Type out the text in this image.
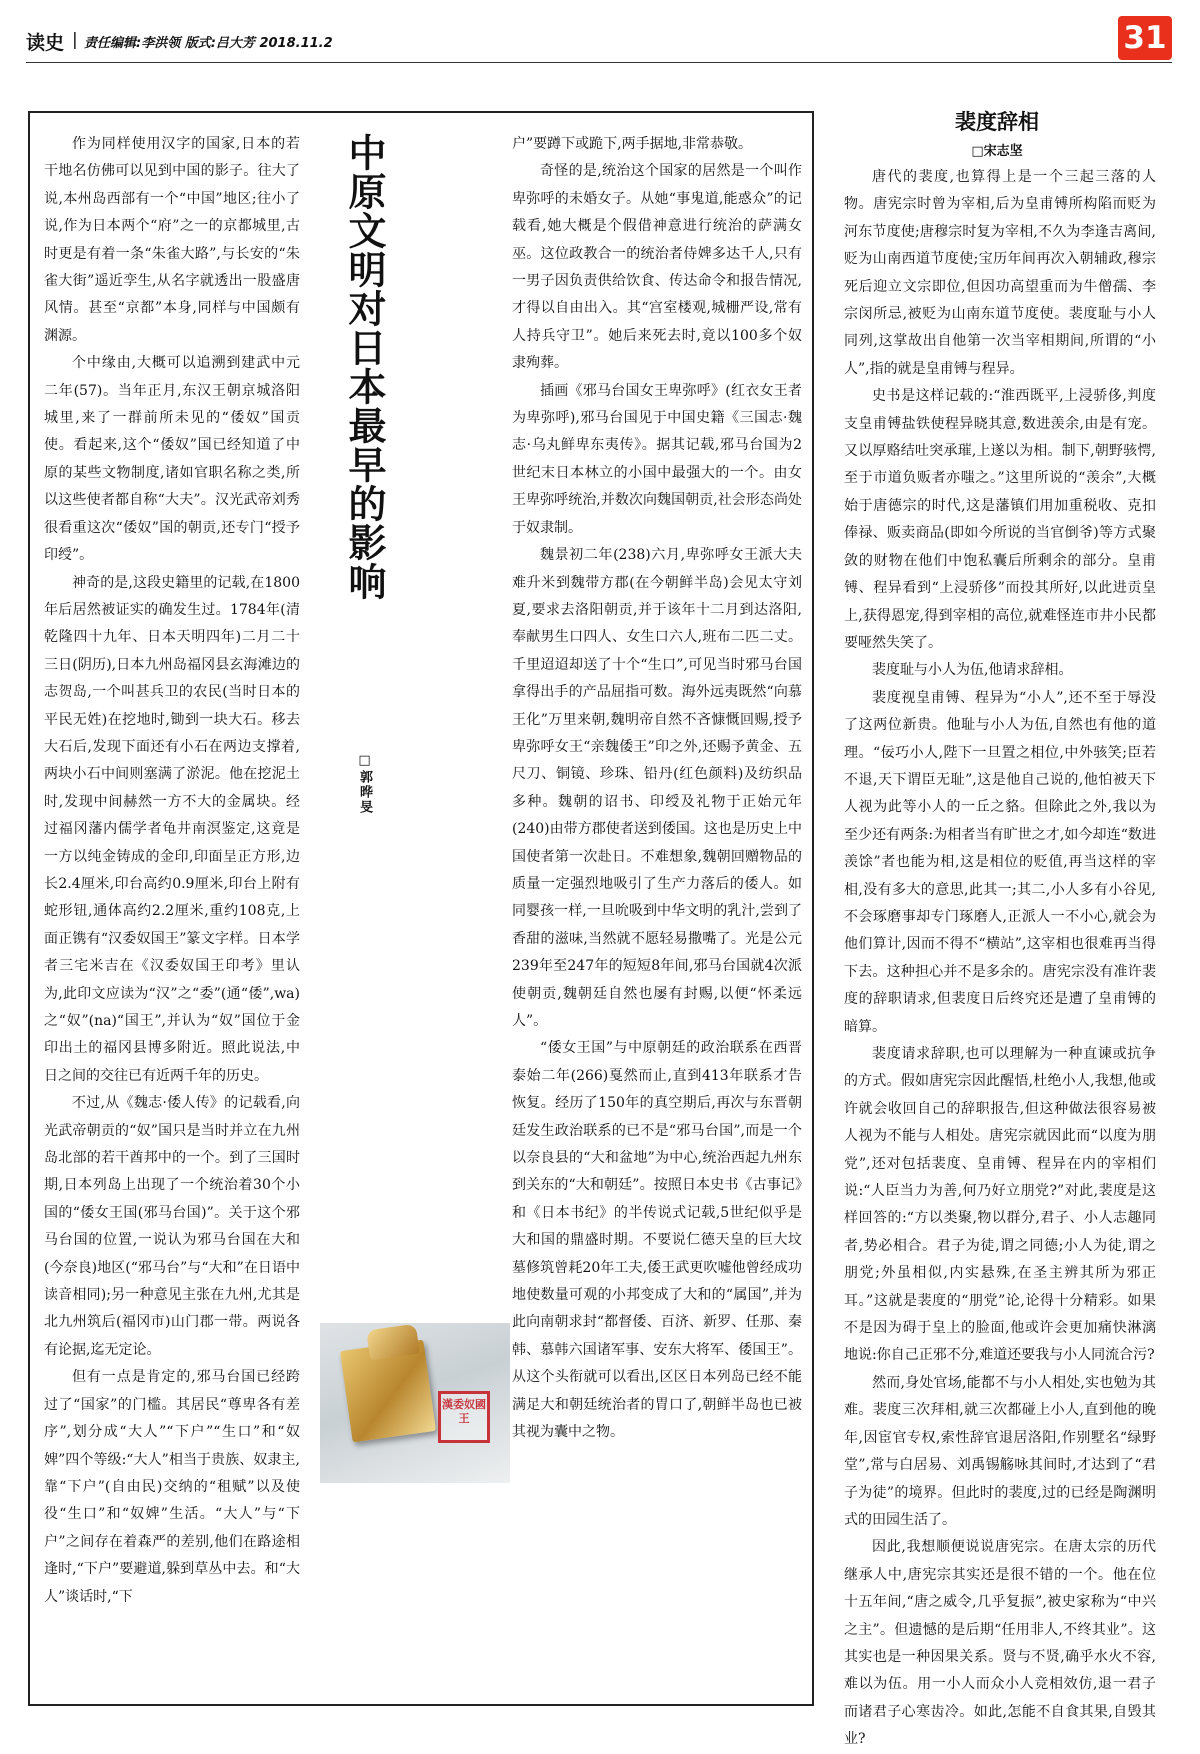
读史 | 责任编辑:李洪领 版式:吕大芳 2018.11.2	31

作为同样使用汉字的国家,日本的若干地名仿佛可以见到中国的影子。往大了说,本州岛西部有一个“中国”地区;往小了说,作为日本两个“府”之一的京都城里,古时更是有着一条“朱雀大路”,与长安的“朱雀大街”遥近孪生,从名字就透出一股盛唐风情。甚至“京都”本身,同样与中国颇有渊源。

个中缘由,大概可以追溯到建武中元二年(57)。当年正月,东汉王朝京城洛阳城里,来了一群前所未见的“倭奴”国贡使。看起来,这个“倭奴”国已经知道了中原的某些文物制度,诸如官职名称之类,所以这些使者都自称“大夫”。汉光武帝刘秀很看重这次“倭奴”国的朝贡,还专门“授予印绶”。

神奇的是,这段史籍里的记载,在1800年后居然被证实的确发生过。1784年(清乾隆四十九年、日本天明四年)二月二十三日(阴历),日本九州岛福冈县玄海滩边的志贺岛,一个叫甚兵卫的农民(当时日本的平民无姓)在挖地时,锄到一块大石。移去大石后,发现下面还有小石在两边支撑着,两块小石中间则塞满了淤泥。他在挖泥土时,发现中间赫然一方不大的金属块。经过福冈藩内儒学者龟井南溟鉴定,这竟是一方以纯金铸成的金印,印面呈正方形,边长2.4厘米,印台高约0.9厘米,印台上附有蛇形钮,通体高约2.2厘米,重约108克,上面正镌有“汉委奴国王”篆文字样。日本学者三宅米吉在《汉委奴国王印考》里认为,此印文应读为“汉”之“委”(通“倭”,wa)之“奴”(na)“国王”,并认为“奴”国位于金印出土的福冈县博多附近。照此说法,中日之间的交往已有近两千年的历史。

不过,从《魏志·倭人传》的记载看,向光武帝朝贡的“奴”国只是当时并立在九州岛北部的若干酋邦中的一个。到了三国时期,日本列岛上出现了一个统治着30个小国的“倭女王国(邪马台国)”。关于这个邪马台国的位置,一说认为邪马台国在大和(今奈良)地区(“邪马台”与“大和”在日语中读音相同);另一种意见主张在九州,尤其是北九州筑后(福冈市)山门郡一带。两说各有论据,迄无定论。

但有一点是肯定的,邪马台国已经跨过了“国家”的门槛。其居民“尊卑各有差序”,划分成“大人”“下户”“生口”和“奴婢”四个等级:“大人”相当于贵族、奴隶主,靠“下户”(自由民)交纳的“租赋”以及使役“生口”和“奴婢”生活。“大人”与“下户”之间存在着森严的差别,他们在路途相逢时,“下户”要避道,躲到草丛中去。和“大人”谈话时,“下

中原文明对日本最早的影响
□郭晔旻
漢委奴國王

户”要蹲下或跪下,两手据地,非常恭敬。

奇怪的是,统治这个国家的居然是一个叫作卑弥呼的未婚女子。从她“事鬼道,能惑众”的记载看,她大概是个假借神意进行统治的萨满女巫。这位政教合一的统治者侍婢多达千人,只有一男子因负责供给饮食、传达命令和报告情况,才得以自由出入。其“宫室楼观,城栅严设,常有人持兵守卫”。她后来死去时,竟以100多个奴隶殉葬。

插画《邪马台国女王卑弥呼》(红衣女王者为卑弥呼),邪马台国见于中国史籍《三国志·魏志·乌丸鲜卑东夷传》。据其记载,邪马台国为2世纪末日本林立的小国中最强大的一个。由女王卑弥呼统治,并数次向魏国朝贡,社会形态尚处于奴隶制。

魏景初二年(238)六月,卑弥呼女王派大夫难升米到魏带方郡(在今朝鲜半岛)会见太守刘夏,要求去洛阳朝贡,并于该年十二月到达洛阳,奉献男生口四人、女生口六人,班布二匹二丈。千里迢迢却送了十个“生口”,可见当时邪马台国拿得出手的产品屈指可数。海外远夷既然“向慕王化”万里来朝,魏明帝自然不吝慷慨回赐,授予卑弥呼女王“亲魏倭王”印之外,还赐予黄金、五尺刀、铜镜、珍珠、铅丹(红色颜料)及纺织品多种。魏朝的诏书、印绶及礼物于正始元年(240)由带方郡使者送到倭国。这也是历史上中国使者第一次赴日。不难想象,魏朝回赠物品的质量一定强烈地吸引了生产力落后的倭人。如同婴孩一样,一旦吮吸到中华文明的乳汁,尝到了香甜的滋味,当然就不愿轻易撒嘴了。光是公元239年至247年的短短8年间,邪马台国就4次派使朝贡,魏朝廷自然也屡有封赐,以便“怀柔远人”。

“倭女王国”与中原朝廷的政治联系在西晋泰始二年(266)戛然而止,直到413年联系才告恢复。经历了150年的真空期后,再次与东晋朝廷发生政治联系的已不是“邪马台国”,而是一个以奈良县的“大和盆地”为中心,统治西起九州东到关东的“大和朝廷”。按照日本史书《古事记》和《日本书纪》的半传说式记载,5世纪似乎是大和国的鼎盛时期。不要说仁德天皇的巨大坟墓修筑曾耗20年工夫,倭王武更吹嘘他曾经成功地使数量可观的小邦变成了大和的“属国”,并为此向南朝求封“都督倭、百济、新罗、任那、秦韩、慕韩六国诸军事、安东大将军、倭国王”。从这个头衔就可以看出,区区日本列岛已经不能满足大和朝廷统治者的胃口了,朝鲜半岛也已被其视为囊中之物。

裴度辞相
□宋志坚

唐代的裴度,也算得上是一个三起三落的人物。唐宪宗时曾为宰相,后为皇甫镈所构陷而贬为河东节度使;唐穆宗时复为宰相,不久为李逢吉离间,贬为山南西道节度使;宝历年间再次入朝辅政,穆宗死后迎立文宗即位,但因功高望重而为牛僧孺、李宗闵所忌,被贬为山南东道节度使。裴度耻与小人同列,这掌故出自他第一次当宰相期间,所谓的“小人”,指的就是皇甫镈与程异。

史书是这样记载的:“淮西既平,上浸骄侈,判度支皇甫镈盐铁使程异晓其意,数进羡余,由是有宠。又以厚赂结吐突承璀,上遂以为相。制下,朝野骇愕,至于市道负贩者亦嗤之。”这里所说的“羡余”,大概始于唐德宗的时代,这是藩镇们用加重税收、克扣俸禄、贩卖商品(即如今所说的当官倒爷)等方式聚敛的财物在他们中饱私囊后所剩余的部分。皇甫镈、程异看到“上浸骄侈”而投其所好,以此进贡皇上,获得恩宠,得到宰相的高位,就难怪连市井小民都要哑然失笑了。

裴度耻与小人为伍,他请求辞相。

裴度视皇甫镈、程异为“小人”,还不至于辱没了这两位新贵。他耻与小人为伍,自然也有他的道理。“佞巧小人,陛下一旦置之相位,中外骇笑;臣若不退,天下谓臣无耻”,这是他自己说的,他怕被天下人视为此等小人的一丘之貉。但除此之外,我以为至少还有两条:为相者当有旷世之才,如今却连“数进羡馀”者也能为相,这是相位的贬值,再当这样的宰相,没有多大的意思,此其一;其二,小人多有小谷见,不会琢磨事却专门琢磨人,正派人一不小心,就会为他们算计,因而不得不“横站”,这宰相也很难再当得下去。这种担心并不是多余的。唐宪宗没有准许裴度的辞职请求,但裴度日后终究还是遭了皇甫镈的暗算。

裴度请求辞职,也可以理解为一种直谏或抗争的方式。假如唐宪宗因此醒悟,杜绝小人,我想,他或许就会收回自己的辞职报告,但这种做法很容易被人视为不能与人相处。唐宪宗就因此而“以度为朋党”,还对包括裴度、皇甫镈、程异在内的宰相们说:“人臣当力为善,何乃好立朋党?”对此,裴度是这样回答的:“方以类聚,物以群分,君子、小人志趣同者,势必相合。君子为徒,谓之同德;小人为徒,谓之朋党;外虽相似,内实悬殊,在圣主辨其所为邪正耳。”这就是裴度的“朋党”论,论得十分精彩。如果不是因为碍于皇上的脸面,他或许会更加痛快淋漓地说:你自己正邪不分,难道还要我与小人同流合污?

然而,身处官场,能都不与小人相处,实也勉为其难。裴度三次拜相,就三次都碰上小人,直到他的晚年,因宦官专权,索性辞官退居洛阳,作别墅名“绿野堂”,常与白居易、刘禹锡觞咏其间时,才达到了“君子为徒”的境界。但此时的裴度,过的已经是陶渊明式的田园生活了。

因此,我想顺便说说唐宪宗。在唐太宗的历代继承人中,唐宪宗其实还是很不错的一个。他在位十五年间,“唐之威令,几乎复振”,被史家称为“中兴之主”。但遗憾的是后期“任用非人,不终其业”。这其实也是一种因果关系。贤与不贤,确乎水火不容,难以为伍。用一小人而众小人竞相效仿,退一君子而诸君子心寒齿冷。如此,怎能不自食其果,自毁其业?
